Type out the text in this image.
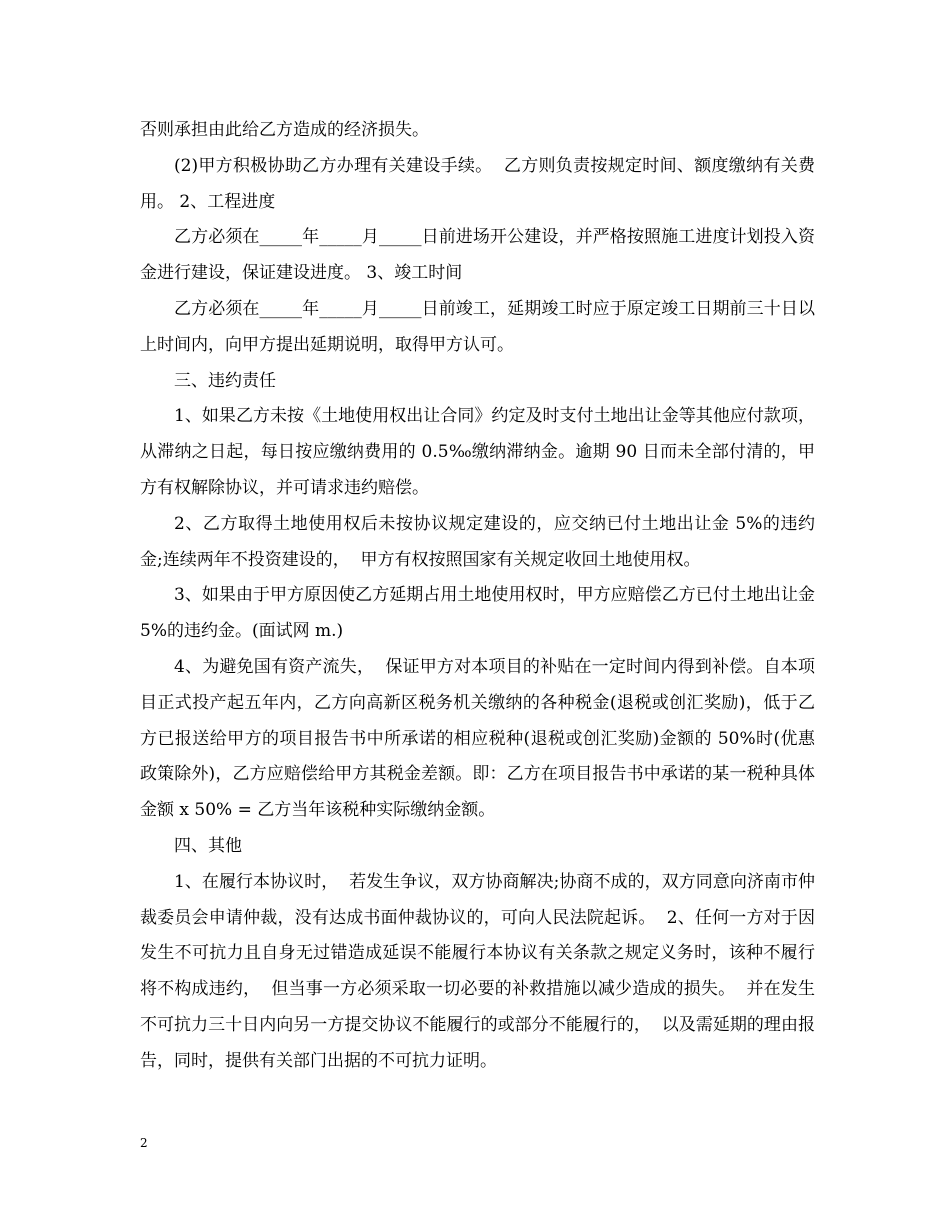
否则承担由此给乙方造成的经济损失。

(2)甲方积极协助乙方办理有关建设手续。  乙方则负责按规定时间、额度缴纳有关费用。 2、工程进度

乙方必须在_____年_____月_____日前进场开公建设，并严格按照施工进度计划投入资金进行建设，保证建设进度。 3、竣工时间

乙方必须在_____年_____月_____日前竣工，延期竣工时应于原定竣工日期前三十日以上时间内，向甲方提出延期说明，取得甲方认可。

三、违约责任

1、如果乙方未按《土地使用权出让合同》约定及时支付土地出让金等其他应付款项，从滞纳之日起，每日按应缴纳费用的 0.5‰缴纳滞纳金。逾期 90 日而未全部付清的，甲方有权解除协议，并可请求违约赔偿。

2、乙方取得土地使用权后未按协议规定建设的，应交纳已付土地出让金 5%的违约金;连续两年不投资建设的，  甲方有权按照国家有关规定收回土地使用权。

3、如果由于甲方原因使乙方延期占用土地使用权时，甲方应赔偿乙方已付土地出让金 5%的违约金。(面试网 m.)

4、为避免国有资产流失，  保证甲方对本项目的补贴在一定时间内得到补偿。自本项目正式投产起五年内，乙方向高新区税务机关缴纳的各种税金(退税或创汇奖励)，低于乙方已报送给甲方的项目报告书中所承诺的相应税种(退税或创汇奖励)金额的 50%时(优惠政策除外)，乙方应赔偿给甲方其税金差额。即：乙方在项目报告书中承诺的某一税种具体金额 x 50% = 乙方当年该税种实际缴纳金额。

四、其他

1、在履行本协议时，  若发生争议，双方协商解决;协商不成的，双方同意向济南市仲裁委员会申请仲裁，没有达成书面仲裁协议的，可向人民法院起诉。  2、任何一方对于因发生不可抗力且自身无过错造成延误不能履行本协议有关条款之规定义务时，该种不履行将不构成违约，  但当事一方必须采取一切必要的补救措施以减少造成的损失。  并在发生不可抗力三十日内向另一方提交协议不能履行的或部分不能履行的，  以及需延期的理由报告，同时，提供有关部门出据的不可抗力证明。

2
